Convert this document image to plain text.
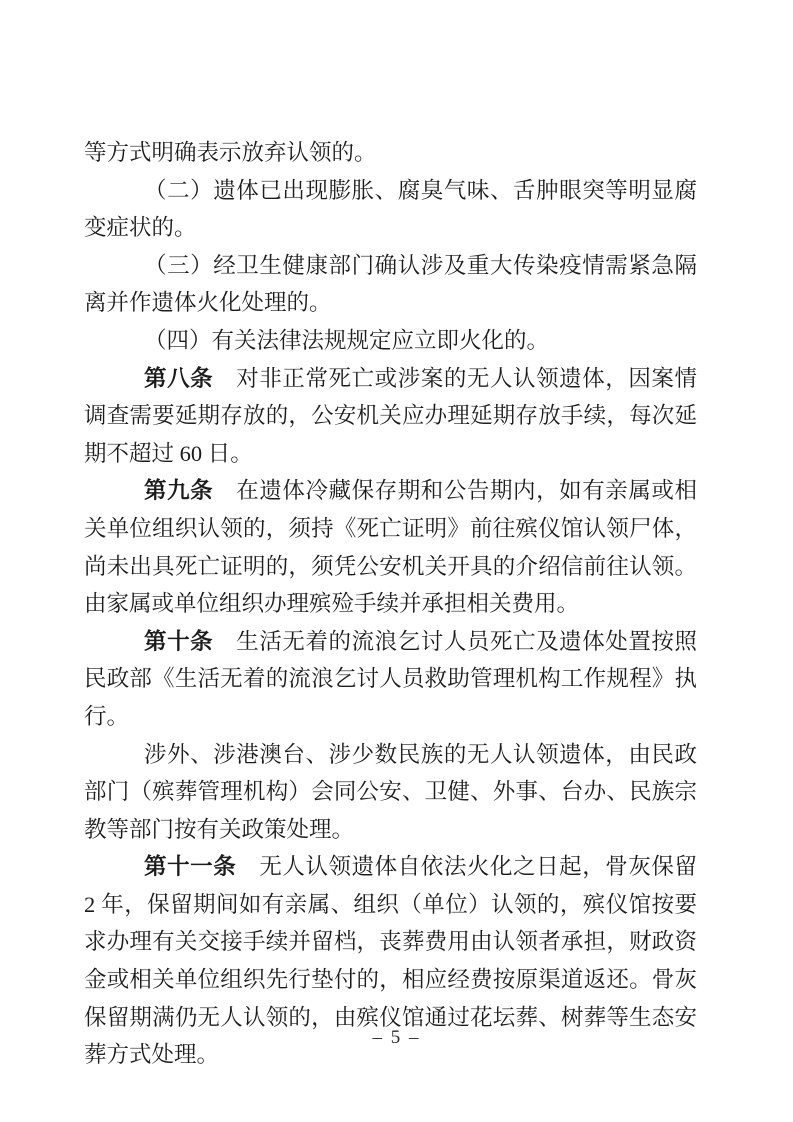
等方式明确表示放弃认领的。

（二）遗体已出现膨胀、腐臭气味、舌肿眼突等明显腐变症状的。

（三）经卫生健康部门确认涉及重大传染疫情需紧急隔离并作遗体火化处理的。

（四）有关法律法规规定应立即火化的。

第八条 对非正常死亡或涉案的无人认领遗体，因案情调查需要延期存放的，公安机关应办理延期存放手续，每次延期不超过 60 日。

第九条 在遗体冷藏保存期和公告期内，如有亲属或相关单位组织认领的，须持《死亡证明》前往殡仪馆认领尸体，尚未出具死亡证明的，须凭公安机关开具的介绍信前往认领。由家属或单位组织办理殡殓手续并承担相关费用。

第十条 生活无着的流浪乞讨人员死亡及遗体处置按照民政部《生活无着的流浪乞讨人员救助管理机构工作规程》执行。

涉外、涉港澳台、涉少数民族的无人认领遗体，由民政部门（殡葬管理机构）会同公安、卫健、外事、台办、民族宗教等部门按有关政策处理。

第十一条 无人认领遗体自依法火化之日起，骨灰保留 2 年，保留期间如有亲属、组织（单位）认领的，殡仪馆按要求办理有关交接手续并留档，丧葬费用由认领者承担，财政资金或相关单位组织先行垫付的，相应经费按原渠道返还。骨灰保留期满仍无人认领的，由殡仪馆通过花坛葬、树葬等生态安葬方式处理。

– 5 –
